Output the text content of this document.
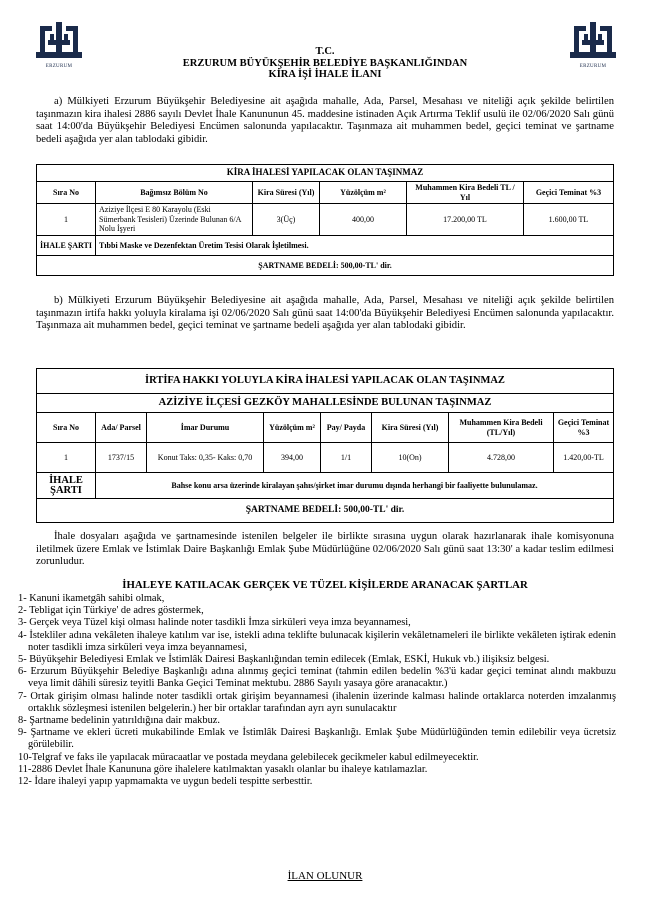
ERZURUM	ERZURUM
T.C.
ERZURUM BÜYÜKŞEHİR BELEDİYE BAŞKANLIĞINDAN
KİRA İŞİ İHALE İLANI
a) Mülkiyeti Erzurum Büyükşehir Belediyesine ait aşağıda mahalle, Ada, Parsel, Mesahası ve niteliği açık şekilde belirtilen taşınmazın kira ihalesi 2886 sayılı Devlet İhale Kanununun 45. maddesine istinaden Açık Artırma Teklif usulü ile 02/06/2020 Salı günü saat 14:00'da Büyükşehir Belediyesi Encümen salonunda yapılacaktır. Taşınmaza ait muhammen bedel, geçici teminat ve şartname bedeli aşağıda yer alan tablodaki gibidir.
KİRA İHALESİ YAPILACAK OLAN TAŞINMAZ					
Sıra No	Bağımsız Bölüm No	Kira Süresi (Yıl)	Yüzölçüm m²	Muhammen Kira Bedeli TL / Yıl	Geçici Teminat %3
1	Aziziye İlçesi E 80 Karayolu (Eski Sümerbank Tesisleri) Üzerinde Bulunan 6/A Nolu İşyeri	3(Üç)	400,00	17.200,00 TL	1.600,00 TL
İHALE ŞARTI	Tıbbi Maske ve Dezenfektan Üretim Tesisi Olarak İşletilmesi.				
ŞARTNAME BEDELİ: 500,00-TL' dir.					
b) Mülkiyeti Erzurum Büyükşehir Belediyesine ait aşağıda mahalle, Ada, Parsel, Mesahası ve niteliği açık şekilde belirtilen taşınmazın irtifa hakkı yoluyla kiralama işi 02/06/2020 Salı günü saat 14:00'da Büyükşehir Belediyesi Encümen salonunda yapılacaktır. Taşınmaza ait muhammen bedel, geçici teminat ve şartname bedeli aşağıda yer alan tablodaki gibidir.
İRTİFA HAKKI YOLUYLA KİRA İHALESİ YAPILACAK OLAN TAŞINMAZ							
AZİZİYE İLÇESİ GEZKÖY MAHALLESİNDE BULUNAN TAŞINMAZ							
Sıra No	Ada/ Parsel	İmar Durumu	Yüzölçüm m²	Pay/ Payda	Kira Süresi (Yıl)	Muhammen Kira Bedeli (TL/Yıl)	Geçici Teminat %3
1	1737/15	Konut Taks: 0,35- Kaks: 0,70	394,00	1/1	10(On)	4.728,00	1.420,00-TL
İHALE ŞARTI	Bahse konu arsa üzerinde kiralayan şahıs/şirket imar durumu dışında herhangi bir faaliyette bulunulamaz.						
ŞARTNAME BEDELİ: 500,00-TL' dir.							
İhale dosyaları aşağıda ve şartnamesinde istenilen belgeler ile birlikte sırasına uygun olarak hazırlanarak ihale komisyonuna iletilmek üzere Emlak ve İstimlak Daire Başkanlığı Emlak Şube Müdürlüğüne 02/06/2020 Salı günü saat 13:30' a kadar teslim edilmesi zorunludur.
İHALEYE KATILACAK GERÇEK VE TÜZEL KİŞİLERDE ARANACAK ŞARTLAR
1- Kanuni ikametgâh sahibi olmak,
2- Tebligat için Türkiye' de adres göstermek,
3- Gerçek veya Tüzel kişi olması halinde noter tasdikli İmza sirküleri veya imza beyannamesi,
4- İstekliler adına vekâleten ihaleye katılım var ise, istekli adına teklifte bulunacak kişilerin vekâletnameleri ile birlikte vekâleten iştirak edenin noter tasdikli imza sirküleri veya imza beyannamesi,
5- Büyükşehir Belediyesi Emlak ve İstimlâk Dairesi Başkanlığından temin edilecek (Emlak, ESKİ, Hukuk vb.) ilişiksiz belgesi.
6- Erzurum Büyükşehir Belediye Başkanlığı adına alınmış geçici teminat (tahmin edilen bedelin %3'ü kadar geçici teminat alındı makbuzu veya limit dâhili süresiz teyitli Banka Geçici Teminat mektubu. 2886 Sayılı yasaya göre aranacaktır.)
7- Ortak girişim olması halinde noter tasdikli ortak girişim beyannamesi (ihalenin üzerinde kalması halinde ortaklarca noterden imzalanmış ortaklık sözleşmesi istenilen belgelerin.) her bir ortaklar tarafından ayrı ayrı sunulacaktır
8- Şartname bedelinin yatırıldığına dair makbuz.
9- Şartname ve ekleri ücreti mukabilinde Emlak ve İstimlâk Dairesi Başkanlığı. Emlak Şube Müdürlüğünden temin edilebilir veya ücretsiz görülebilir.
10-Telgraf ve faks ile yapılacak müracaatlar ve postada meydana gelebilecek gecikmeler kabul edilmeyecektir.
11-2886 Devlet İhale Kanununa göre ihalelere katılmaktan yasaklı olanlar bu ihaleye katılamazlar.
12- İdare ihaleyi yapıp yapmamakta ve uygun bedeli tespitte serbesttir.
İLAN OLUNUR
